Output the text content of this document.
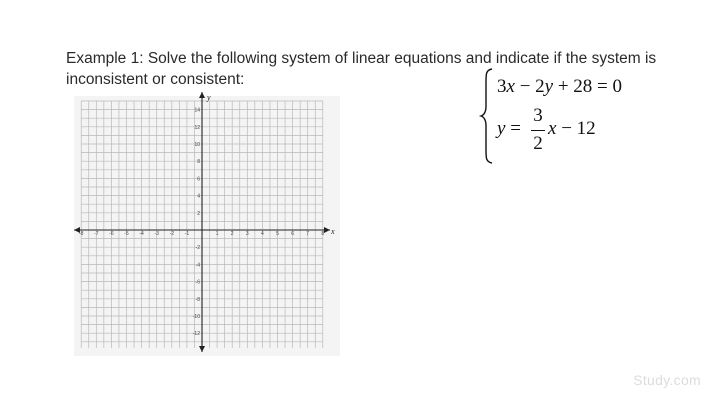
Example 1: Solve the following system of linear equations and indicate if the system is
inconsistent or consistent:
x
y
-8 -7 -6 -5 -4 -3 -2 -1	1 2 3 4 5 6 7 8
14
12
10
8
6
4
2
-2
-4
-6
-8
-10
-12
3x − 2y + 28 = 0
y =
3
2
x − 12
Study.com
